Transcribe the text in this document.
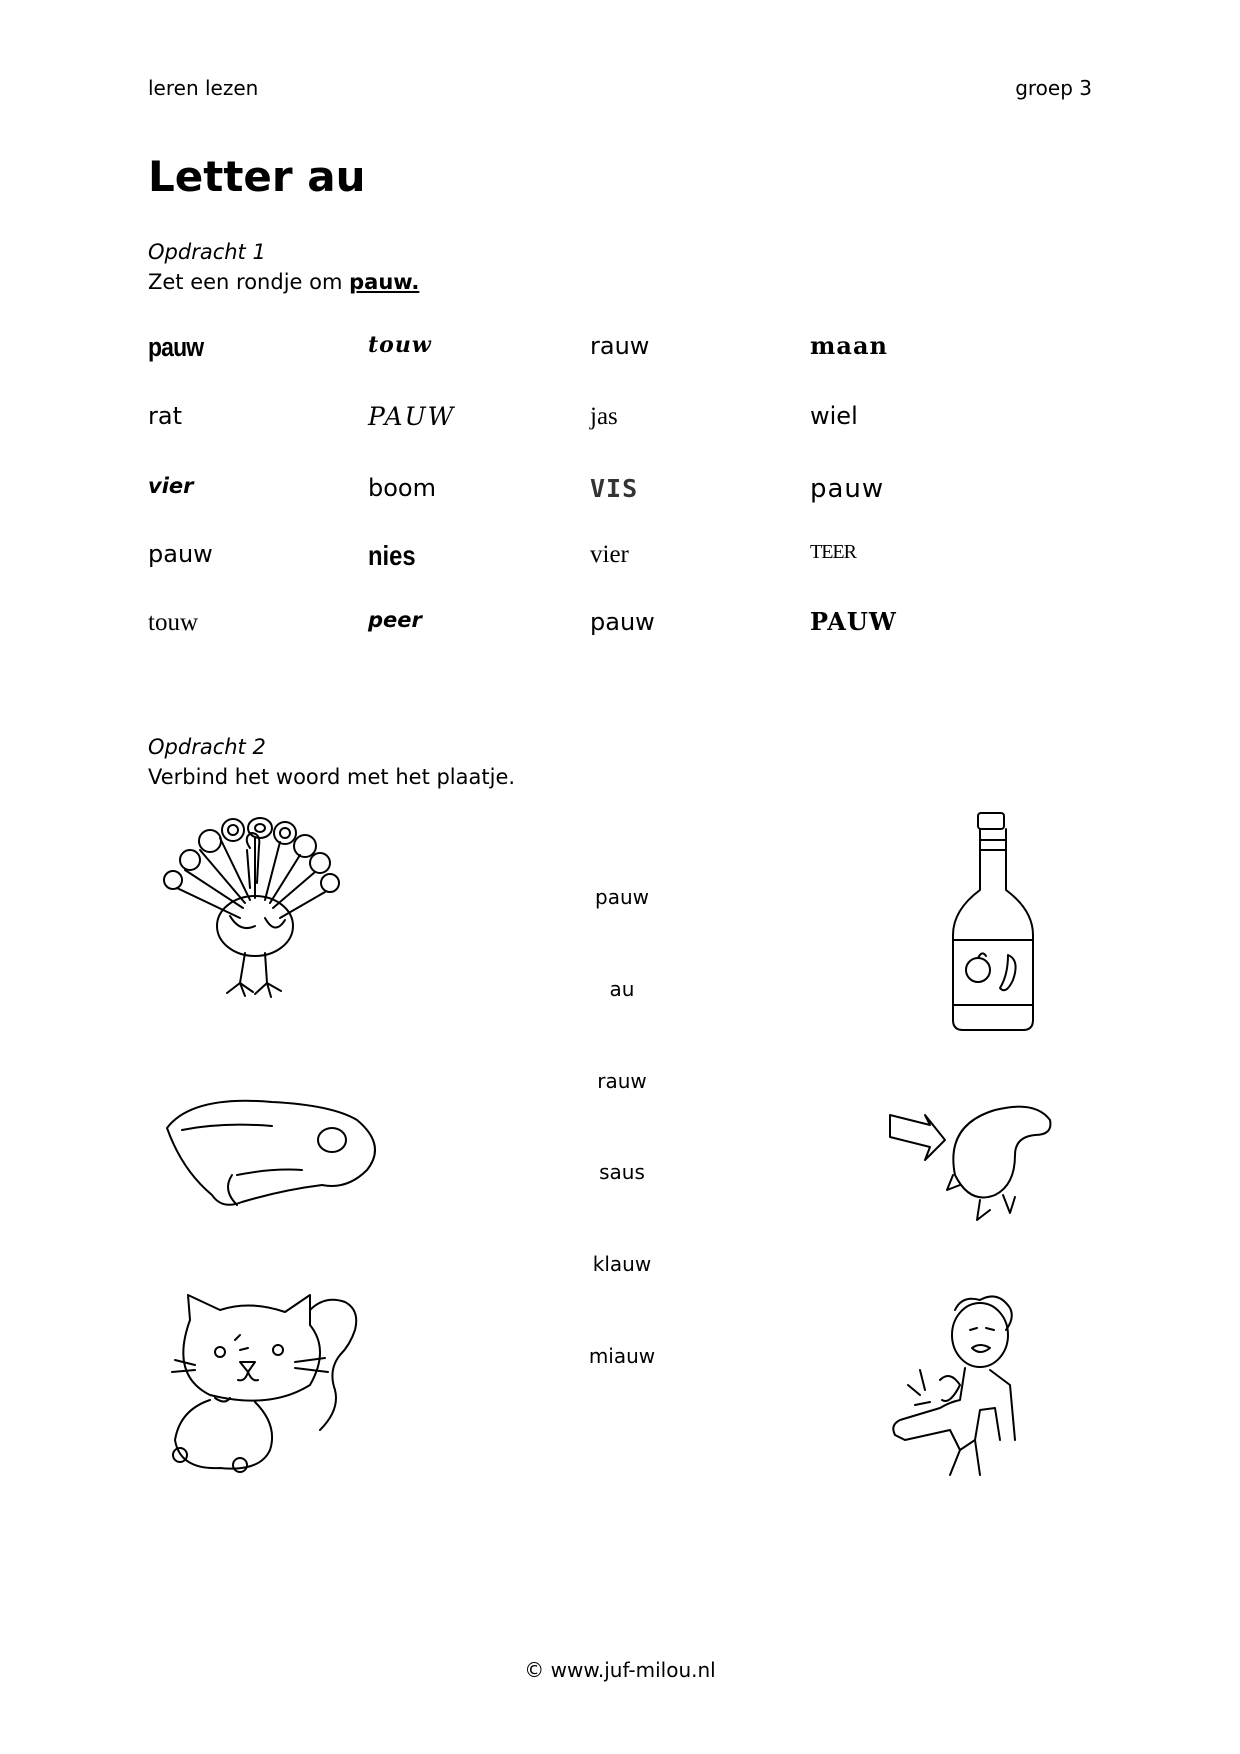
leren lezen	groep 3
Letter au
Opdracht 1
Zet een rondje om pauw.
pauw	touw	rauw	maan
rat	PAUW	jas	wiel
vier	boom	VIS	pauw
pauw	nies	vier	TEER
touw	peer	pauw	PAUW
Opdracht 2
Verbind het woord met het plaatje.
pauw
au
rauw
saus
klauw
miauw
© www.juf-milou.nl
